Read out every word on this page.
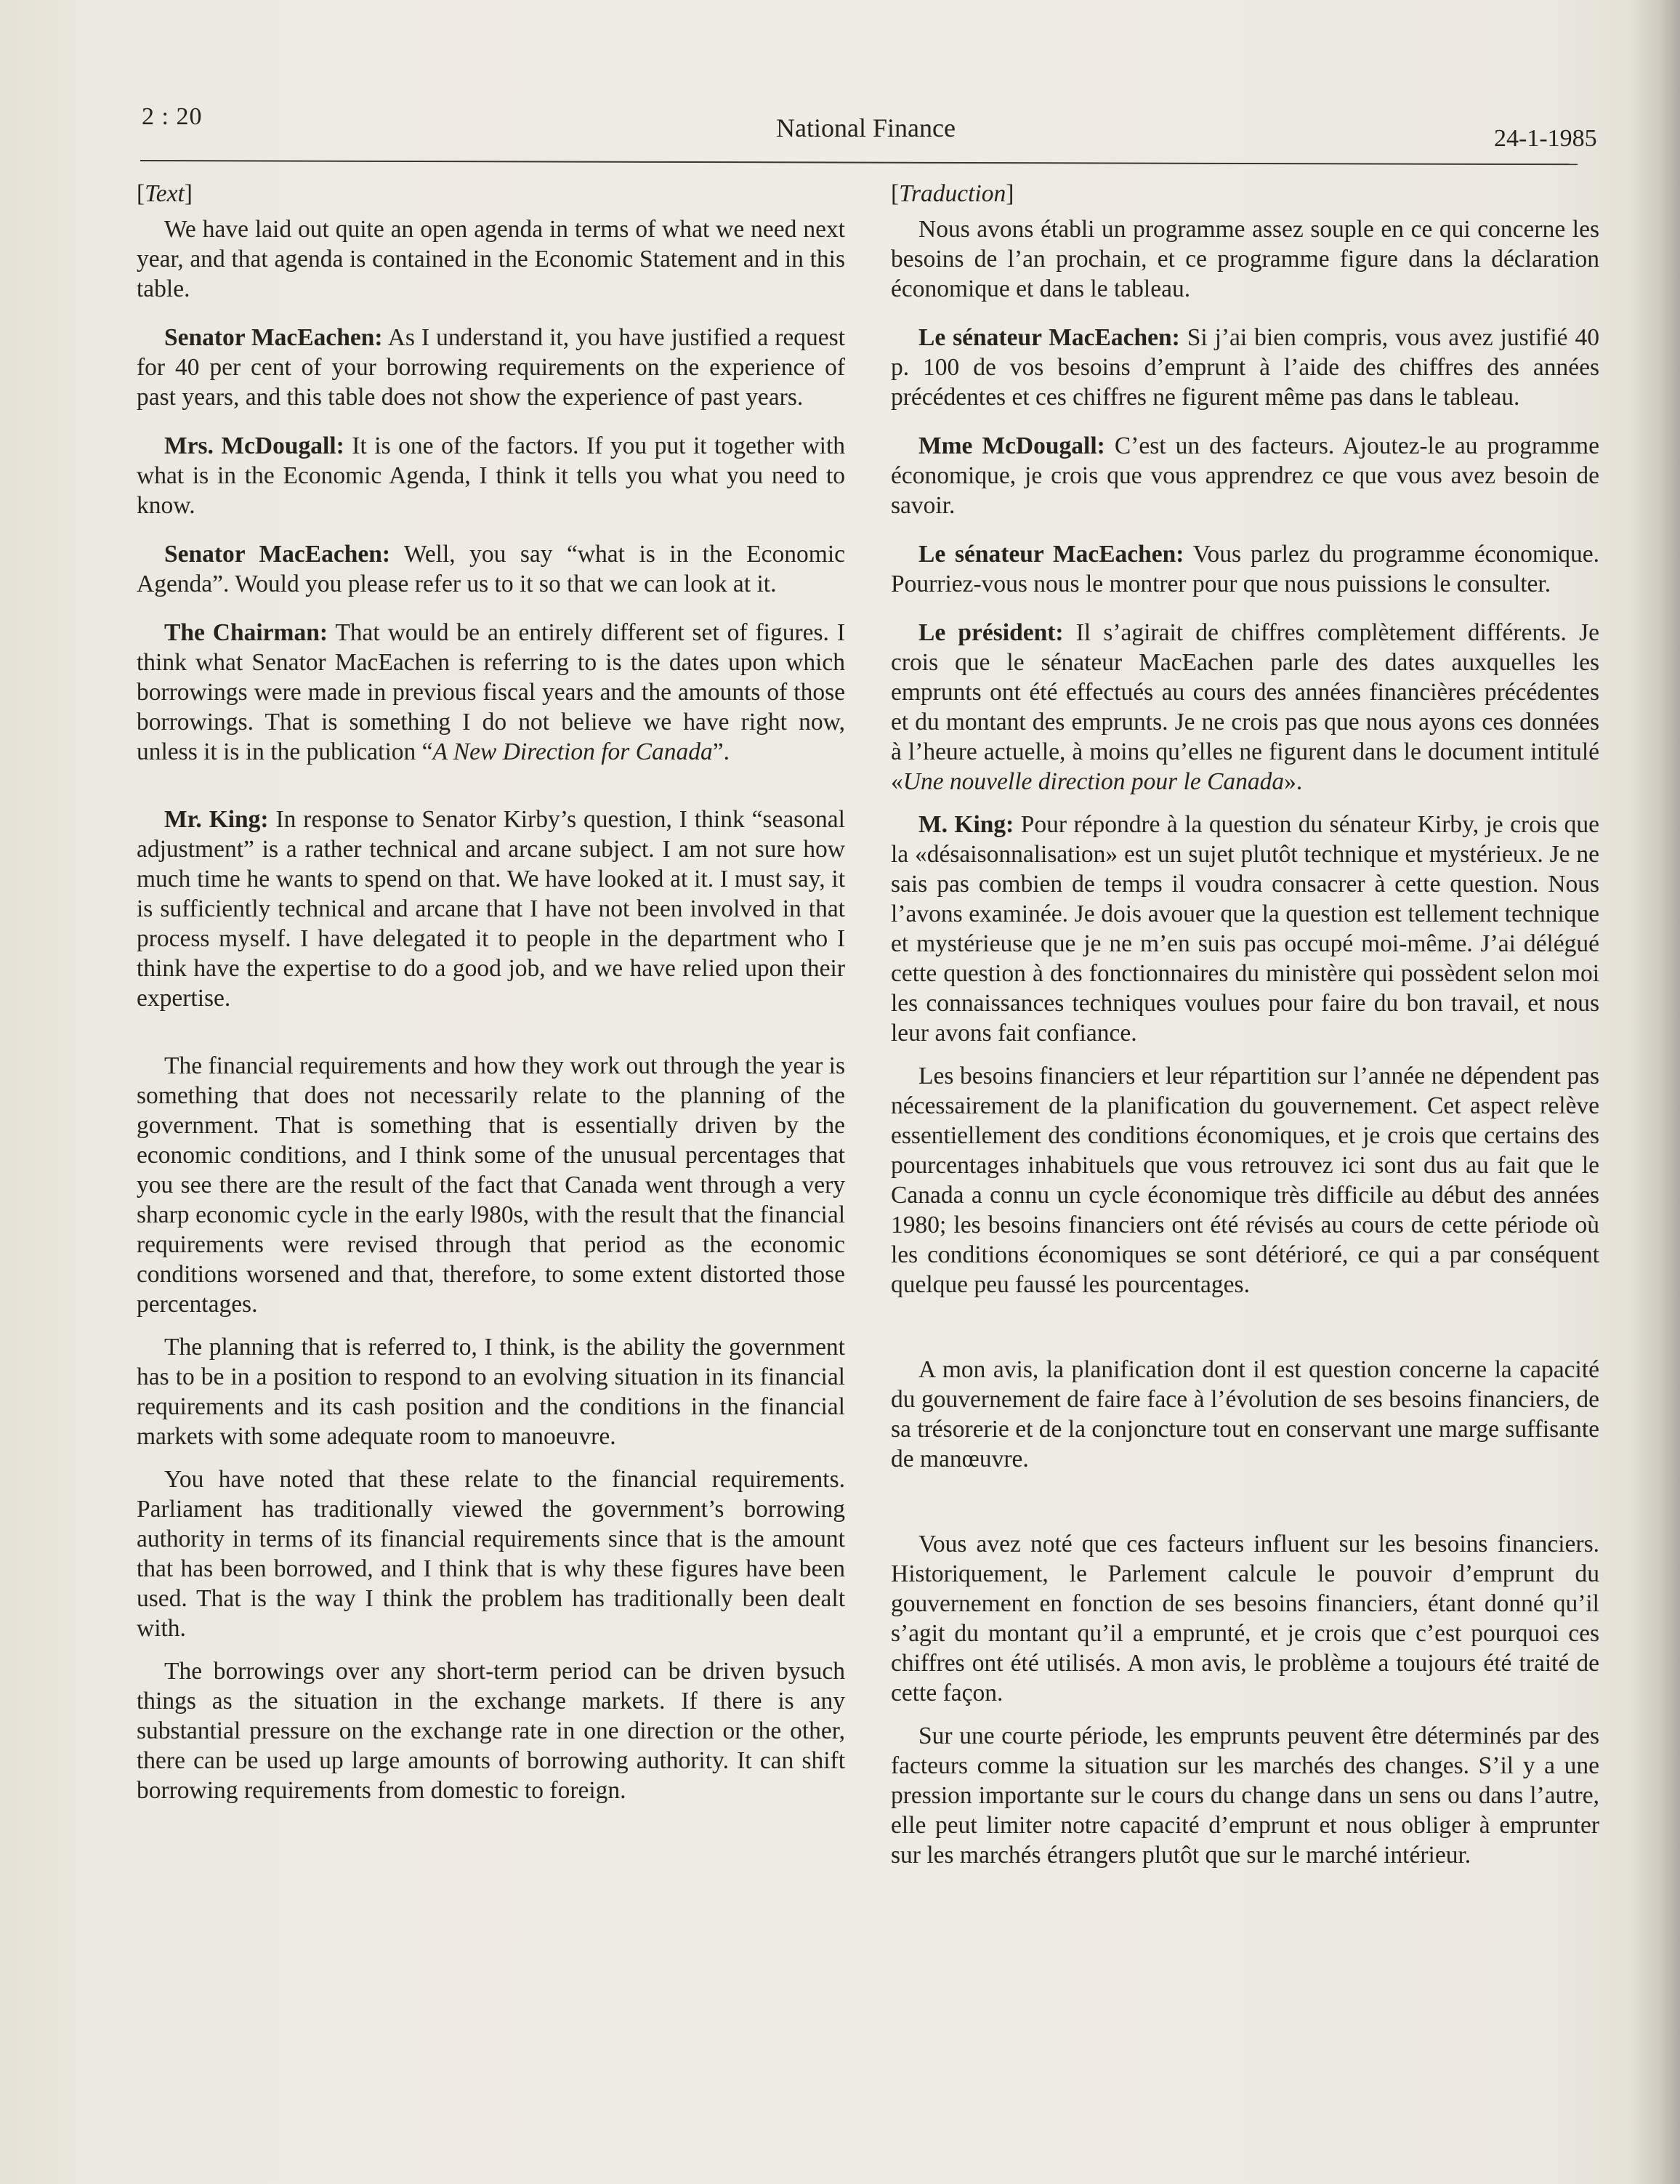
2 : 20	National Finance	24-1-1985

[Text]

We have laid out quite an open agenda in terms of what we need next year, and that agenda is contained in the Economic Statement and in this table.

Senator MacEachen: As I understand it, you have justified a request for 40 per cent of your borrowing requirements on the experience of past years, and this table does not show the experience of past years.

Mrs. McDougall: It is one of the factors. If you put it together with what is in the Economic Agenda, I think it tells you what you need to know.

Senator MacEachen: Well, you say “what is in the Economic Agenda”. Would you please refer us to it so that we can look at it.

The Chairman: That would be an entirely different set of figures. I think what Senator MacEachen is referring to is the dates upon which borrowings were made in previous fiscal years and the amounts of those borrowings. That is something I do not believe we have right now, unless it is in the publication “A New Direction for Canada”.

Mr. King: In response to Senator Kirby’s question, I think “seasonal adjustment” is a rather technical and arcane subject. I am not sure how much time he wants to spend on that. We have looked at it. I must say, it is sufficiently technical and arcane that I have not been involved in that process myself. I have delegated it to people in the department who I think have the expertise to do a good job, and we have relied upon their expertise.

The financial requirements and how they work out through the year is something that does not necessarily relate to the planning of the government. That is something that is essentially driven by the economic conditions, and I think some of the unusual percentages that you see there are the result of the fact that Canada went through a very sharp economic cycle in the early l980s, with the result that the financial requirements were revised through that period as the economic conditions worsened and that, therefore, to some extent distorted those percentages.

The planning that is referred to, I think, is the ability the government has to be in a position to respond to an evolving situation in its financial requirements and its cash position and the conditions in the financial markets with some adequate room to manoeuvre.

You have noted that these relate to the financial requirements. Parliament has traditionally viewed the government’s borrowing authority in terms of its financial requirements since that is the amount that has been borrowed, and I think that is why these figures have been used. That is the way I think the problem has traditionally been dealt with.

The borrowings over any short-term period can be driven bysuch things as the situation in the exchange markets. If there is any substantial pressure on the exchange rate in one direction or the other, there can be used up large amounts of borrowing authority. It can shift borrowing requirements from domestic to foreign.

[Traduction]

Nous avons établi un programme assez souple en ce qui concerne les besoins de l’an prochain, et ce programme figure dans la déclaration économique et dans le tableau.

Le sénateur MacEachen: Si j’ai bien compris, vous avez justifié 40 p. 100 de vos besoins d’emprunt à l’aide des chiffres des années précédentes et ces chiffres ne figurent même pas dans le tableau.

Mme McDougall: C’est un des facteurs. Ajoutez-le au programme économique, je crois que vous apprendrez ce que vous avez besoin de savoir.

Le sénateur MacEachen: Vous parlez du programme économique. Pourriez-vous nous le montrer pour que nous puissions le consulter.

Le président: Il s’agirait de chiffres complètement différents. Je crois que le sénateur MacEachen parle des dates auxquelles les emprunts ont été effectués au cours des années financières précédentes et du montant des emprunts. Je ne crois pas que nous ayons ces données à l’heure actuelle, à moins qu’elles ne figurent dans le document intitulé «Une nouvelle direction pour le Canada».

M. King: Pour répondre à la question du sénateur Kirby, je crois que la «désaisonnalisation» est un sujet plutôt technique et mystérieux. Je ne sais pas combien de temps il voudra consacrer à cette question. Nous l’avons examinée. Je dois avouer que la question est tellement technique et mystérieuse que je ne m’en suis pas occupé moi-même. J’ai délégué cette question à des fonctionnaires du ministère qui possèdent selon moi les connaissances techniques voulues pour faire du bon travail, et nous leur avons fait confiance.

Les besoins financiers et leur répartition sur l’année ne dépendent pas nécessairement de la planification du gouvernement. Cet aspect relève essentiellement des conditions économiques, et je crois que certains des pourcentages inhabituels que vous retrouvez ici sont dus au fait que le Canada a connu un cycle économique très difficile au début des années 1980; les besoins financiers ont été révisés au cours de cette période où les conditions économiques se sont détérioré, ce qui a par conséquent quelque peu faussé les pourcentages.

A mon avis, la planification dont il est question concerne la capacité du gouvernement de faire face à l’évolution de ses besoins financiers, de sa trésorerie et de la conjoncture tout en conservant une marge suffisante de manœuvre.

Vous avez noté que ces facteurs influent sur les besoins financiers. Historiquement, le Parlement calcule le pouvoir d’emprunt du gouvernement en fonction de ses besoins financiers, étant donné qu’il s’agit du montant qu’il a emprunté, et je crois que c’est pourquoi ces chiffres ont été utilisés. A mon avis, le problème a toujours été traité de cette façon.

Sur une courte période, les emprunts peuvent être déterminés par des facteurs comme la situation sur les marchés des changes. S’il y a une pression importante sur le cours du change dans un sens ou dans l’autre, elle peut limiter notre capacité d’emprunt et nous obliger à emprunter sur les marchés étrangers plutôt que sur le marché intérieur.
